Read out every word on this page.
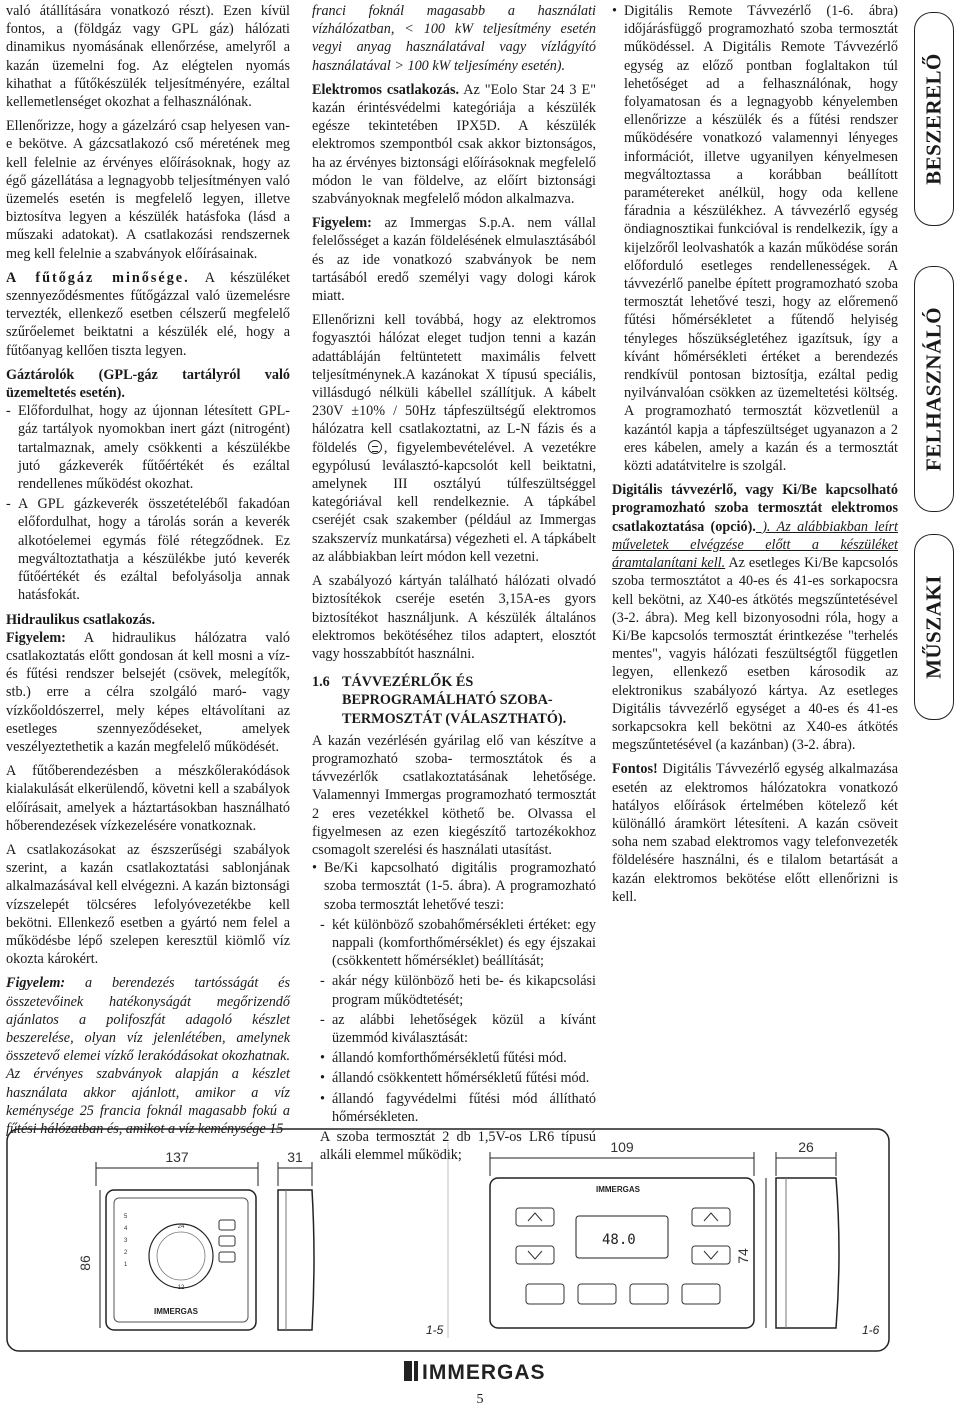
való átállítására vonatkozó részt). Ezen kívül fontos, a (földgáz vagy GPL gáz) hálózati dinamikus nyomásának ellenőrzése, amelyről a kazán üzemelni fog. Az elégtelen nyomás kihathat a fűtőkészülék teljesítményére, ezáltal kellemetlenséget okozhat a felhasználónak.

Ellenőrizze, hogy a gázelzáró csap helyesen van-e bekötve. A gázcsatlakozó cső méretének meg kell felelnie az érvényes előírásoknak, hogy az égő gázellátása a legnagyobb teljesítményen való üzemelés esetén is megfelelő legyen, illetve biztosítva legyen a készülék hatásfoka (lásd a műszaki adatokat). A csatlakozási rendszernek meg kell felelnie a szabványok előírásainak.

A fűtőgáz minősége. A készüléket szennyeződésmentes fűtőgázzal való üzemelésre tervezték, ellenkező esetben célszerű megfelelő szűrőelemet beiktatni a készülék elé, hogy a fűtőanyag kellően tiszta legyen.

Gáztárolók (GPL-gáz tartályról való üzemeltetés esetén).

- Előfordulhat, hogy az újonnan létesített GPL-gáz tartályok nyomokban inert gázt (nitrogént) tartalmaznak, amely csökkenti a készülékbe jutó gázkeverék fűtőértékét és ezáltal rendellenes működést okozhat.
- A GPL gázkeverék összetételéből fakadóan előfordulhat, hogy a tárolás során a keverék alkotóelemei egymás fölé rétegződnek. Ez megváltoztathatja a készülékbe jutó keverék fűtőértékét és ezáltal befolyásolja annak hatásfokát.

Hidraulikus csatlakozás.

Figyelem: A hidraulikus hálózatra való csatlakoztatás előtt gondosan át kell mosni a víz- és fűtési rendszer belsejét (csövek, melegítők, stb.) erre a célra szolgáló maró- vagy vízkőoldószerrel, mely képes eltávolítani az esetleges szennyeződéseket, amelyek veszélyeztethetik a kazán megfelelő működését.

A fűtőberendezésben a mészkőlerakódások kialakulását elkerülendő, követni kell a szabályok előírásait, amelyek a háztartásokban használható hőberendezések vízkezelésére vonatkoznak.

A csatlakozásokat az észszerűségi szabályok szerint, a kazán csatlakoztatási sablonjának alkalmazásával kell elvégezni. A kazán biztonsági vízszelepét tölcséres lefolyóvezetékbe kell bekötni. Ellenkező esetben a gyártó nem felel a működésbe lépő szelepen keresztül kiömlő víz okozta károkért.

Figyelem: a berendezés tartósságát és összetevőinek hatékonyságát megőrizendő ajánlatos a polifoszfát adagoló készlet beszerelése, olyan víz jelenlétében, amelynek összetevő elemei vízkő lerakódásokat okozhatnak. Az érvényes szabványok alapján a készlet használata akkor ajánlott, amikor a víz keménysége 25 francia foknál magasabb fokú a fűtési hálózatban és, amikot a víz keménysége 15

franci foknál magasabb a használati vízhálózatban, < 100 kW teljesítmény esetén vegyi anyag használatával vagy vízlágyító használatával > 100 kW teljesímény esetén).

Elektromos csatlakozás. Az "Eolo Star 24 3 E" kazán érintésvédelmi kategóriája a készülék egésze tekintetében IPX5D. A készülék elektromos szempontból csak akkor biztonságos, ha az érvényes biztonsági előírásoknak megfelelő módon le van földelve, az előírt biztonsági szabványoknak megfelelő módon alkalmazva.

Figyelem: az Immergas S.p.A. nem vállal felelősséget a kazán földelésének elmulasztásából és az ide vonatkozó szabványok be nem tartásából eredő személyi vagy dologi károk miatt.

Ellenőrizni kell továbbá, hogy az elektromos fogyasztói hálózat eleget tudjon tenni a kazán adattábláján feltüntetett maximális felvett teljesítménynek.A kazánokat X típusú speciális, villásdugó nélküli kábellel szállítjuk. A kábelt 230V ±10% / 50Hz tápfeszültségű elektromos hálózatra kell csatlakoztatni, az L-N fázis és a földelés , figyelembevételével. A vezetékre egypólusú leválasztó-kapcsolót kell beiktatni, amelynek III osztályú túlfeszültséggel kategóriával kell rendelkeznie. A tápkábel cseréjét csak szakember (például az Immergas szakszervíz munkatársa) végezheti el. A tápkábelt az alábbiakban leírt módon kell vezetni.

A szabályozó kártyán található hálózati olvadó biztosítékok cseréje esetén 3,15A-es gyors biztosítékot használjunk. A készülék általános elektromos bekötéséhez tilos adaptert, elosztót vagy hosszabbítót használni.

1.6 TÁVVEZÉRLŐK ÉS
BEPROGRAMÁLHATÓ SZOBA-
TERMOSZTÁT (VÁLASZTHATÓ).

A kazán vezérlésén gyárilag elő van készítve a programozható szoba- termosztátok és a távvezérlők csatlakoztatásának lehetősége. Valamennyi Immergas programozható termosztát 2 eres vezetékkel köthető be. Olvassa el figyelmesen az ezen kiegészítő tartozékokhoz csomagolt szerelési és használati utasítást.

• Be/Ki kapcsolható digitális programozható szoba termosztát (1-5. ábra). A programozható szoba termosztát lehetővé teszi:
- két különböző szobahőmérsékleti értéket: egy nappali (komforthőmérséklet) és egy éjszakai (csökkentett hőmérséklet) beállítását;
- akár négy különböző heti be- és kikapcsolási program működtetését;
- az alábbi lehetőségek közül a kívánt üzemmód kiválasztását:
• állandó komforthőmérsékletű fűtési mód.
• állandó csökkentett hőmérsékletű fűtési mód.
• állandó fagyvédelmi fűtési mód állítható hőmérsékleten.

A szoba termosztát 2 db 1,5V-os LR6 típusú alkáli elemmel működik;

• Digitális Remote Távvezérlő (1-6. ábra) időjárásfüggő programozható szoba termosztát működéssel. A Digitális Remote Távvezérlő egység az előző pontban foglaltakon túl lehetőséget ad a felhasználónak, hogy folyamatosan és a legnagyobb kényelemben ellenőrizze a készülék és a fűtési rendszer működésére vonatkozó valamennyi lényeges információt, illetve ugyanilyen kényelmesen megváltoztassa a korábban beállított paramétereket anélkül, hogy oda kellene fáradnia a készülékhez. A távvezérlő egység öndiagnosztikai funkcióval is rendelkezik, így a kijelzőről leolvashatók a kazán működése során előforduló esetleges rendellenességek. A távvezérlő panelbe épített programozható szoba termosztát lehetővé teszi, hogy az előremenő fűtési hőmérsékletet a fűtendő helyiség tényleges hőszükségletéhez igazítsuk, így a kívánt hőmérsékleti értéket a berendezés rendkívül pontosan biztosítja, ezáltal pedig nyilvánvalóan csökken az üzemeltetési költség. A programozható termosztát közvetlenül a kazántól kapja a tápfeszültséget ugyanazon a 2 eres kábelen, amely a kazán és a termosztát közti adatátvitelre is szolgál.

Digitális távvezérlő, vagy Ki/Be kapcsolható programozható szoba termosztát elektromos csatlakoztatása (opció). ). Az alábbiakban leírt műveletek elvégzése előtt a készüléket áramtalanítani kell. Az esetleges Ki/Be kapcsolós szoba termosztátot a 40-es és 41-es sorkapocsra kell bekötni, az X40-es átkötés megszűntetésével (3-2. ábra). Meg kell bizonyosodni róla, hogy a Ki/Be kapcsolós termosztát érintkezése "terhelés mentes", vagyis hálózati feszültségtől független legyen, ellenkező esetben károsodik az elektronikus szabályozó kártya. Az esetleges Digitális távvezérlő egységet a 40-es és 41-es sorkapcsokra kell bekötni az X40-es átkötés megszűntetésével (a kazánban) (3-2. ábra).

Fontos! Digitális Távvezérlő egység alkalmazása esetén az elektromos hálózatokra vonatkozó hatályos előírások értelmében kötelező két különálló áramkört létesíteni. A kazán csöveit soha nem szabad elektromos vagy telefonvezeték földelésére használni, és e tilalom betartását a kazán elektromos bekötése előtt ellenőrizni is kell.

BESZERELŐ
FELHASZNÁLÓ
MŰSZAKI
137
86
24
12
5
4
3
2
1
IMMERGAS
31
1-5
109	26
IMMERGAS
48.0
74
1-6
IMMERGAS
5
